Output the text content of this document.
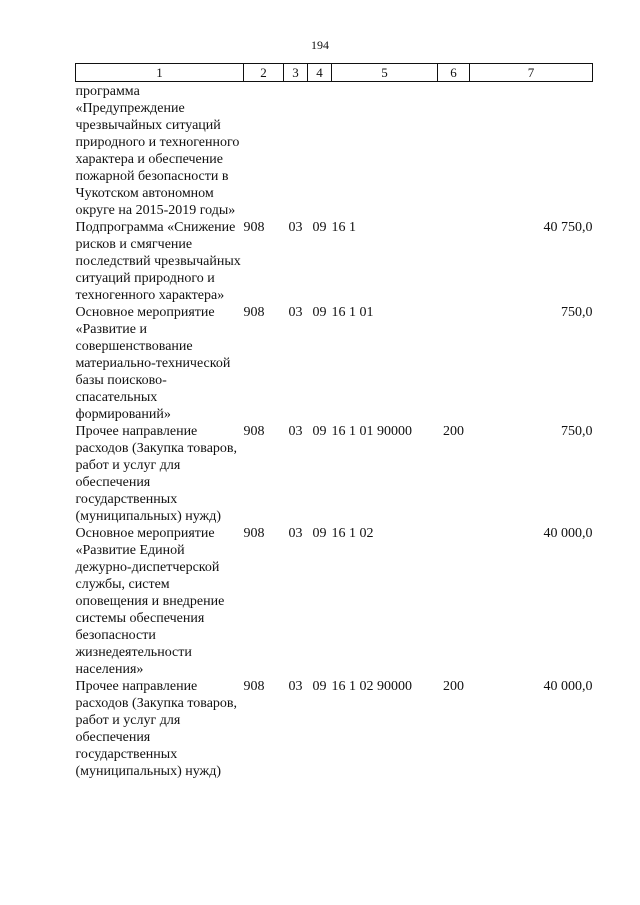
194
1	2	3	4	5	6	7
программа «Предупреждение чрезвычайных ситуаций природного и техногенного характера и обеспечение пожарной безопасности в Чукотском автономном округе на 2015-2019 годы»						
Подпрограмма «Снижение рисков и смягчение последствий чрезвычайных ситуаций природного и техногенного характера»	908	03	09	16 1		40 750,0
Основное мероприятие «Развитие и совершенствование материально-технической базы поисково-спасательных формирований»	908	03	09	16 1 01		750,0
Прочее направление расходов (Закупка товаров, работ и услуг для обеспечения государственных (муниципальных) нужд)	908	03	09	16 1 01 90000	200	750,0
Основное мероприятие «Развитие Единой дежурно-диспетчерской службы, систем оповещения и внедрение системы обеспечения безопасности жизнедеятельности населения»	908	03	09	16 1 02		40 000,0
Прочее направление расходов (Закупка товаров, работ и услуг для обеспечения государственных (муниципальных) нужд)	908	03	09	16 1 02 90000	200	40 000,0
